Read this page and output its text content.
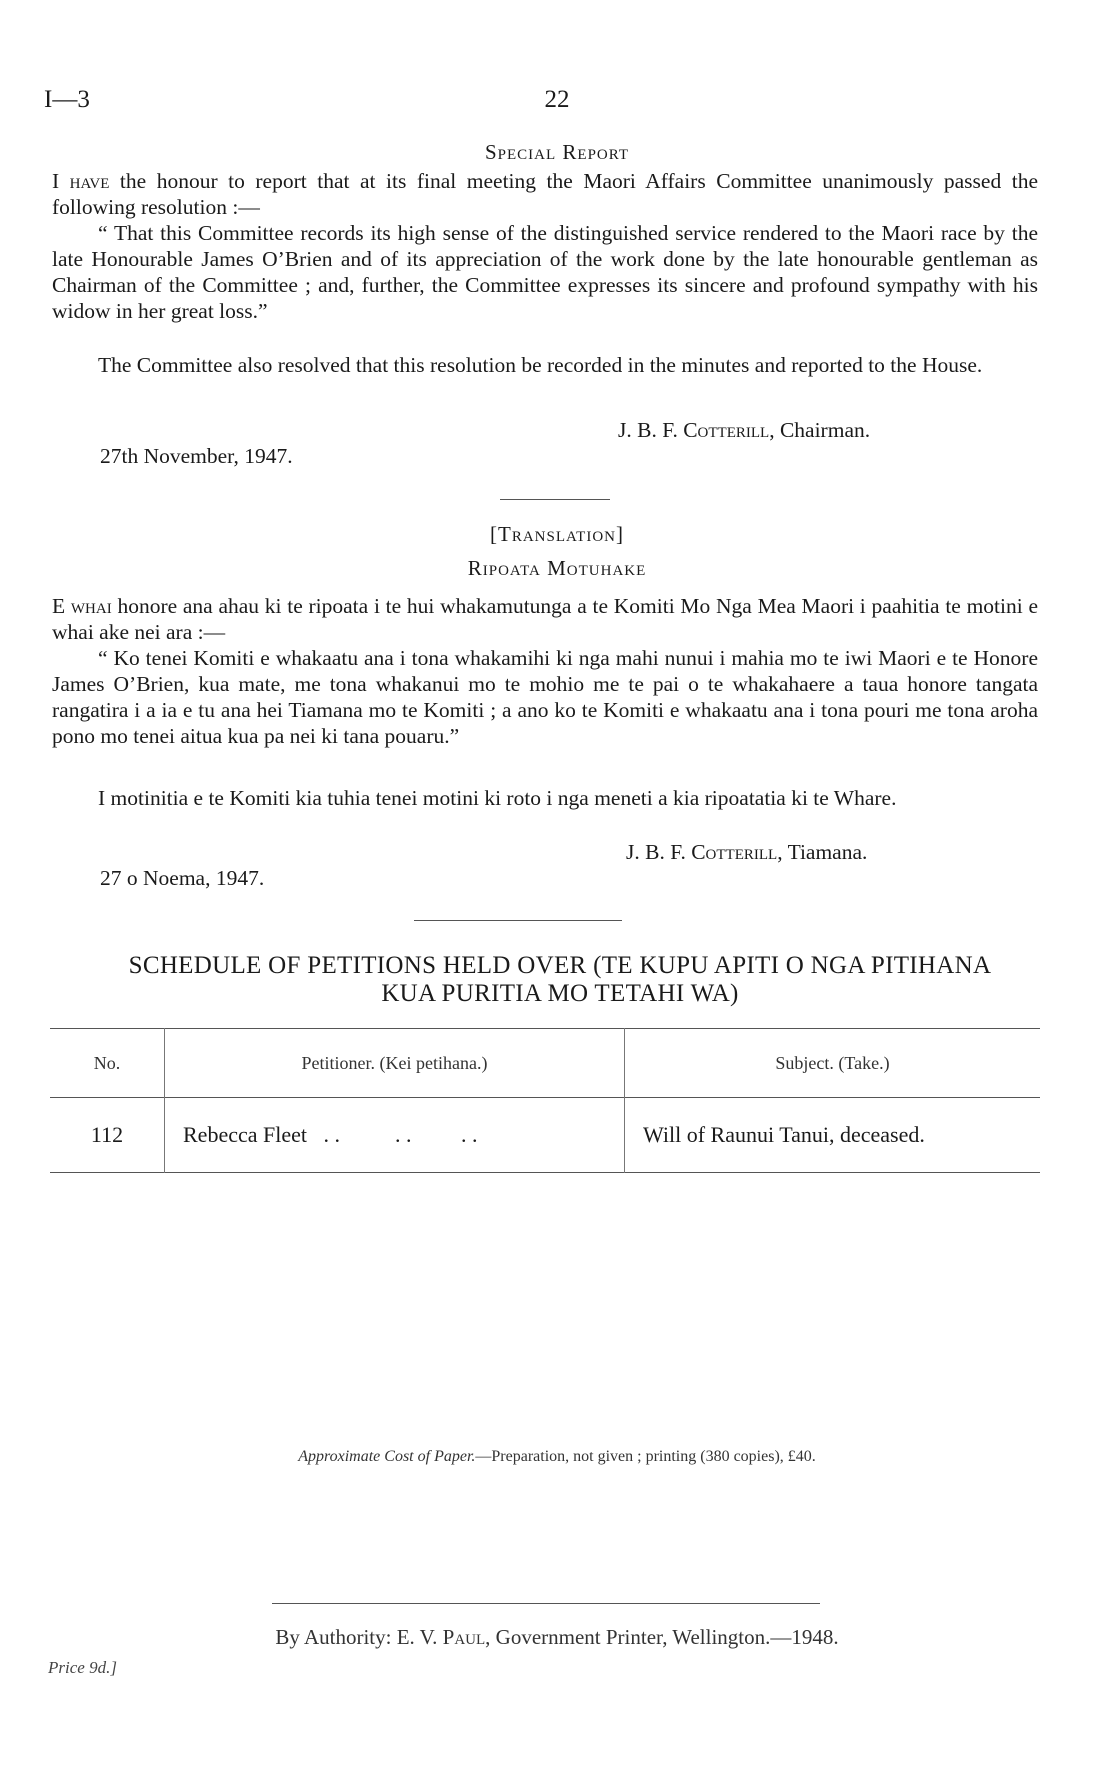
I—3	22
Special Report
I have the honour to report that at its final meeting the Maori Affairs Committee unanimously passed the following resolution :—
“ That this Committee records its high sense of the distinguished service rendered to the Maori race by the late Honourable James O’Brien and of its appreciation of the work done by the late honourable gentleman as Chairman of the Committee ; and, further, the Committee expresses its sincere and profound sympathy with his widow in her great loss.”
The Committee also resolved that this resolution be recorded in the minutes and reported to the House.
J. B. F. Cotterill, Chairman.
27th November, 1947.
[Translation]
Ripoata Motuhake
E whai honore ana ahau ki te ripoata i te hui whakamutunga a te Komiti Mo Nga Mea Maori i paahitia te motini e whai ake nei ara :—
“ Ko tenei Komiti e whakaatu ana i tona whakamihi ki nga mahi nunui i mahia mo te iwi Maori e te Honore James O’Brien, kua mate, me tona whakanui mo te mohio me te pai o te whakahaere a taua honore tangata rangatira i a ia e tu ana hei Tiamana mo te Komiti ; a ano ko te Komiti e whakaatu ana i tona pouri me tona aroha pono mo tenei aitua kua pa nei ki tana pouaru.”
I motinitia e te Komiti kia tuhia tenei motini ki roto i nga meneti a kia ripoatatia ki te Whare.
J. B. F. Cotterill, Tiamana.
27 o Noema, 1947.
SCHEDULE OF PETITIONS HELD OVER (TE KUPU APITI O NGA PITIHANA
KUA PURITIA MO TETAHI WA)
No.	Petitioner. (Kei petihana.)	Subject. (Take.)
112	Rebecca Fleet   . .          . .         . .	Will of Raunui Tanui, deceased.
Approximate Cost of Paper.—Preparation, not given ; printing (380 copies), £40.
By Authority: E. V. Paul, Government Printer, Wellington.—1948.
Price 9d.]
